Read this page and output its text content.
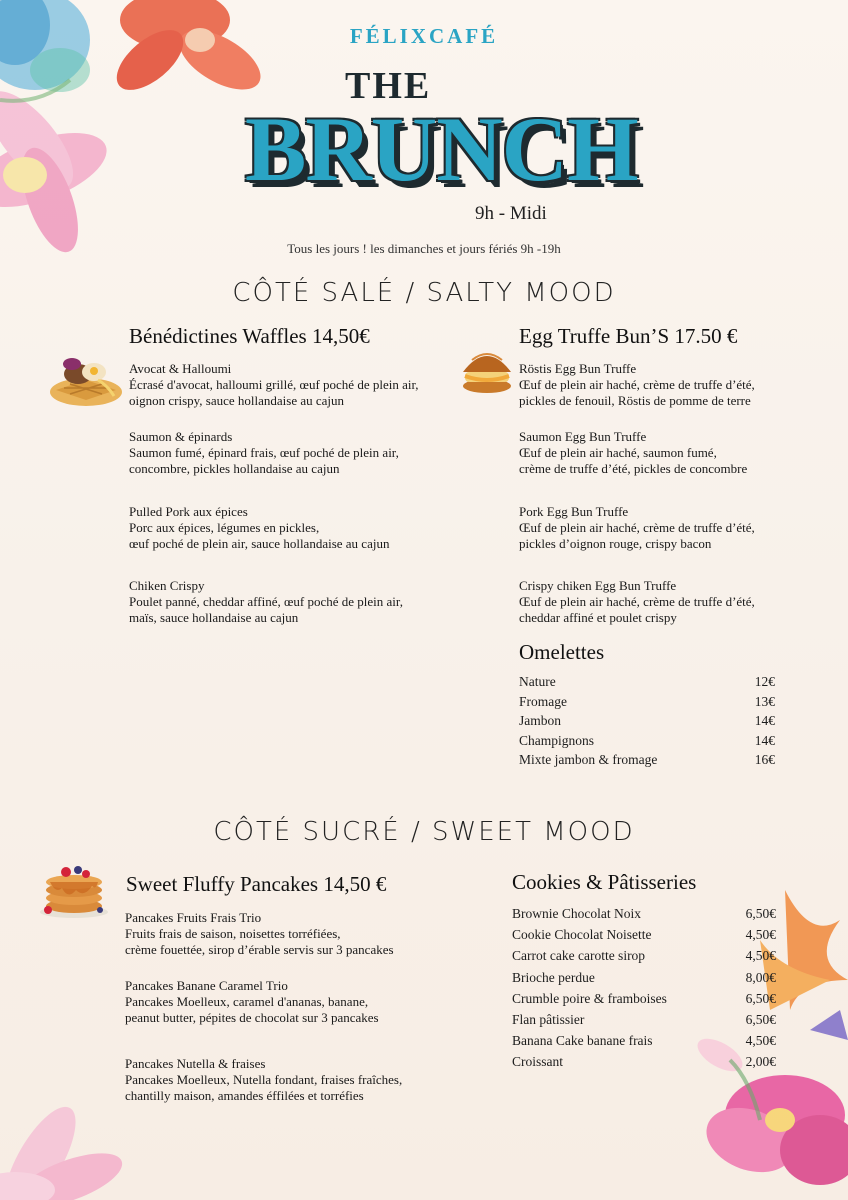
FÉLIXCAFÉ
THE
BRUNCH
9h - Midi
Tous les jours ! les dimanches et jours fériés 9h -19h
CÔTÉ SALÉ / SALTY MOOD
Bénédictines Waffles 14,50€
Avocat & Halloumi
Écrasé d'avocat, halloumi grillé, œuf poché de plein air,
oignon crispy, sauce hollandaise au cajun
Saumon & épinards
Saumon fumé, épinard frais, œuf poché de plein air,
concombre, pickles hollandaise au cajun
Pulled Pork aux épices
Porc aux épices, légumes en pickles,
œuf poché de plein air, sauce hollandaise au cajun
Chiken Crispy
Poulet panné, cheddar affiné, œuf poché de plein air,
maïs, sauce hollandaise au cajun
Egg Truffe Bun’S 17.50 €
Röstis Egg Bun Truffe
Œuf de plein air haché, crème de truffe d’été,
pickles de fenouil, Röstis de pomme de terre
Saumon Egg Bun Truffe
Œuf de plein air haché, saumon fumé,
crème de truffe d’été, pickles de concombre
Pork Egg Bun Truffe
Œuf de plein air haché, crème de truffe d’été,
pickles d’oignon rouge, crispy bacon
Crispy chiken Egg Bun Truffe
Œuf de plein air haché, crème de truffe d’été,
cheddar affiné et poulet crispy
Omelettes
Nature	12€
Fromage	13€
Jambon	14€
Champignons	14€
Mixte jambon & fromage	16€
CÔTÉ SUCRÉ / SWEET MOOD
Sweet Fluffy Pancakes 14,50 €
Pancakes Fruits Frais Trio
Fruits frais de saison, noisettes torréfiées,
crème fouettée, sirop d’érable servis sur 3 pancakes
Pancakes Banane Caramel Trio
Pancakes Moelleux, caramel d'ananas, banane,
peanut butter, pépites de chocolat sur 3 pancakes
Pancakes Nutella & fraises
Pancakes Moelleux, Nutella fondant, fraises fraîches,
chantilly maison, amandes éffilées et torréfies
Cookies & Pâtisseries
Brownie Chocolat Noix	6,50€
Cookie Chocolat Noisette	4,50€
Carrot cake carotte sirop	4,50€
Brioche perdue	8,00€
Crumble poire & framboises	6,50€
Flan pâtissier	6,50€
Banana Cake banane frais	4,50€
Croissant	2,00€
